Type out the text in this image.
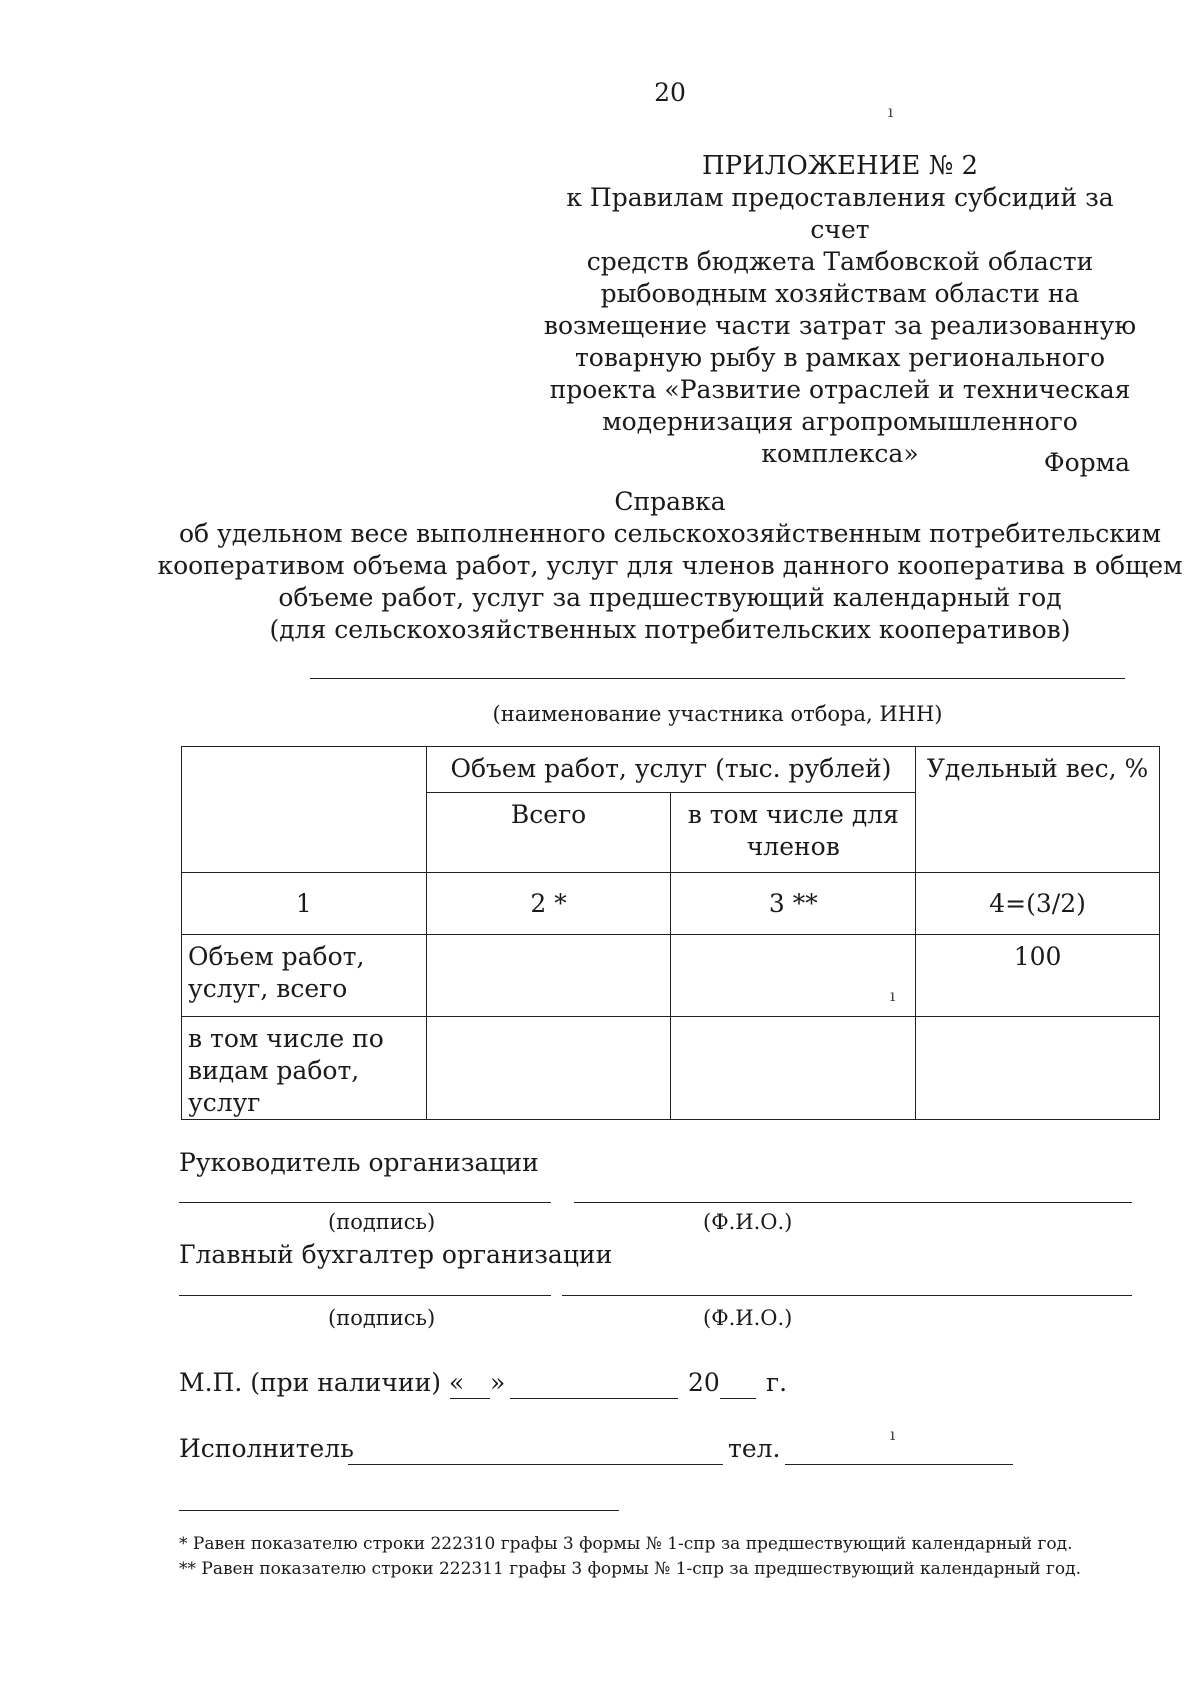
20
ПРИЛОЖЕНИЕ № 2
к Правилам предоставления субсидий за счет
средств бюджета Тамбовской области
рыбоводным хозяйствам области на
возмещение части затрат за реализованную
товарную рыбу в рамках регионального
проекта «Развитие отраслей и техническая
модернизация агропромышленного комплекса»	Форма
Справка
об удельном весе выполненного сельскохозяйственным потребительским
кооперативом объема работ, услуг для членов данного кооператива в общем
объеме работ, услуг за предшествующий календарный год
(для сельскохозяйственных потребительских кооперативов)
(наименование участника отбора, ИНН)
	Объем работ, услуг (тыс. рублей)		Удельный вес, %
	Всего	в том числе для членов	
1	2 *	3 **	4=(3/2)
Объем работ, услуг, всего			100
в том числе по видам работ, услуг			
Руководитель организации
(подпись)	(Ф.И.О.)
Главный бухгалтер организации
(подпись)	(Ф.И.О.)
М.П. (при наличии) « »	20 г.
Исполнитель	тел.
ı
ı
ı
* Равен показателю строки 222310 графы 3 формы № 1-спр за предшествующий календарный год.
** Равен показателю строки 222311 графы 3 формы № 1-спр за предшествующий календарный год.
